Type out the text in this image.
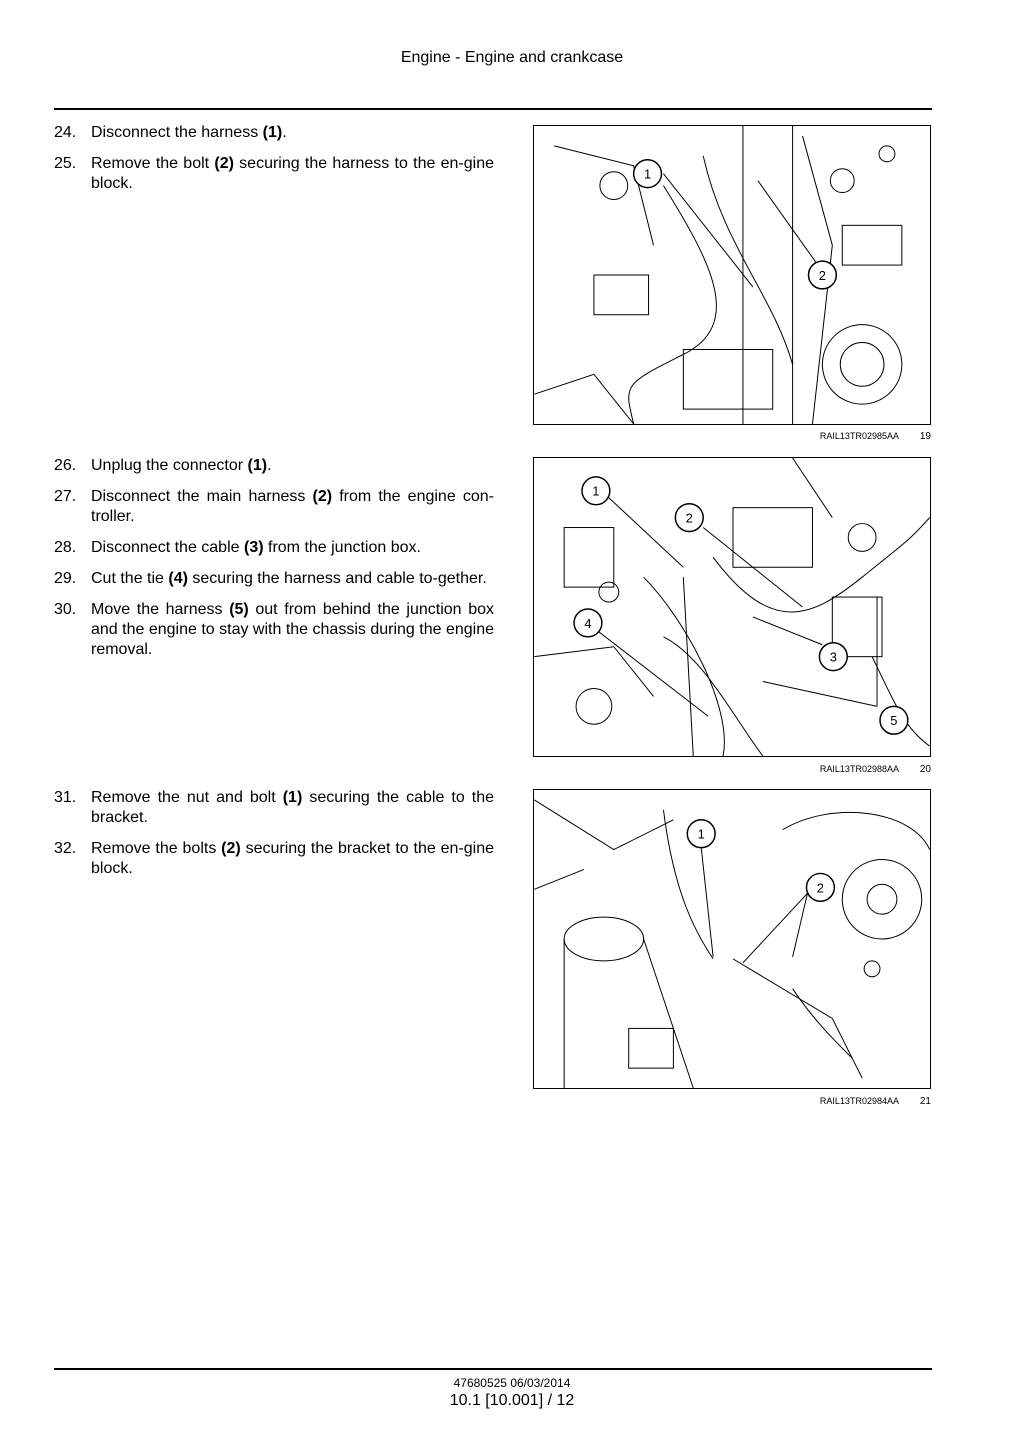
Engine - Engine and crankcase
24. Disconnect the harness (1).
25. Remove the bolt (2) securing the harness to the en-gine block.
1
2
RAIL13TR02985AA 19
26. Unplug the connector (1).
27. Disconnect the main harness (2) from the engine con-troller.
28. Disconnect the cable (3) from the junction box.
29. Cut the tie (4) securing the harness and cable to-gether.
30. Move the harness (5) out from behind the junction box and the engine to stay with the chassis during the engine removal.
1
2
3
4
5
RAIL13TR02988AA 20
31. Remove the nut and bolt (1) securing the cable to the bracket.
32. Remove the bolts (2) securing the bracket to the en-gine block.
1
2
RAIL13TR02984AA 21
47680525 06/03/2014
10.1 [10.001] / 12
